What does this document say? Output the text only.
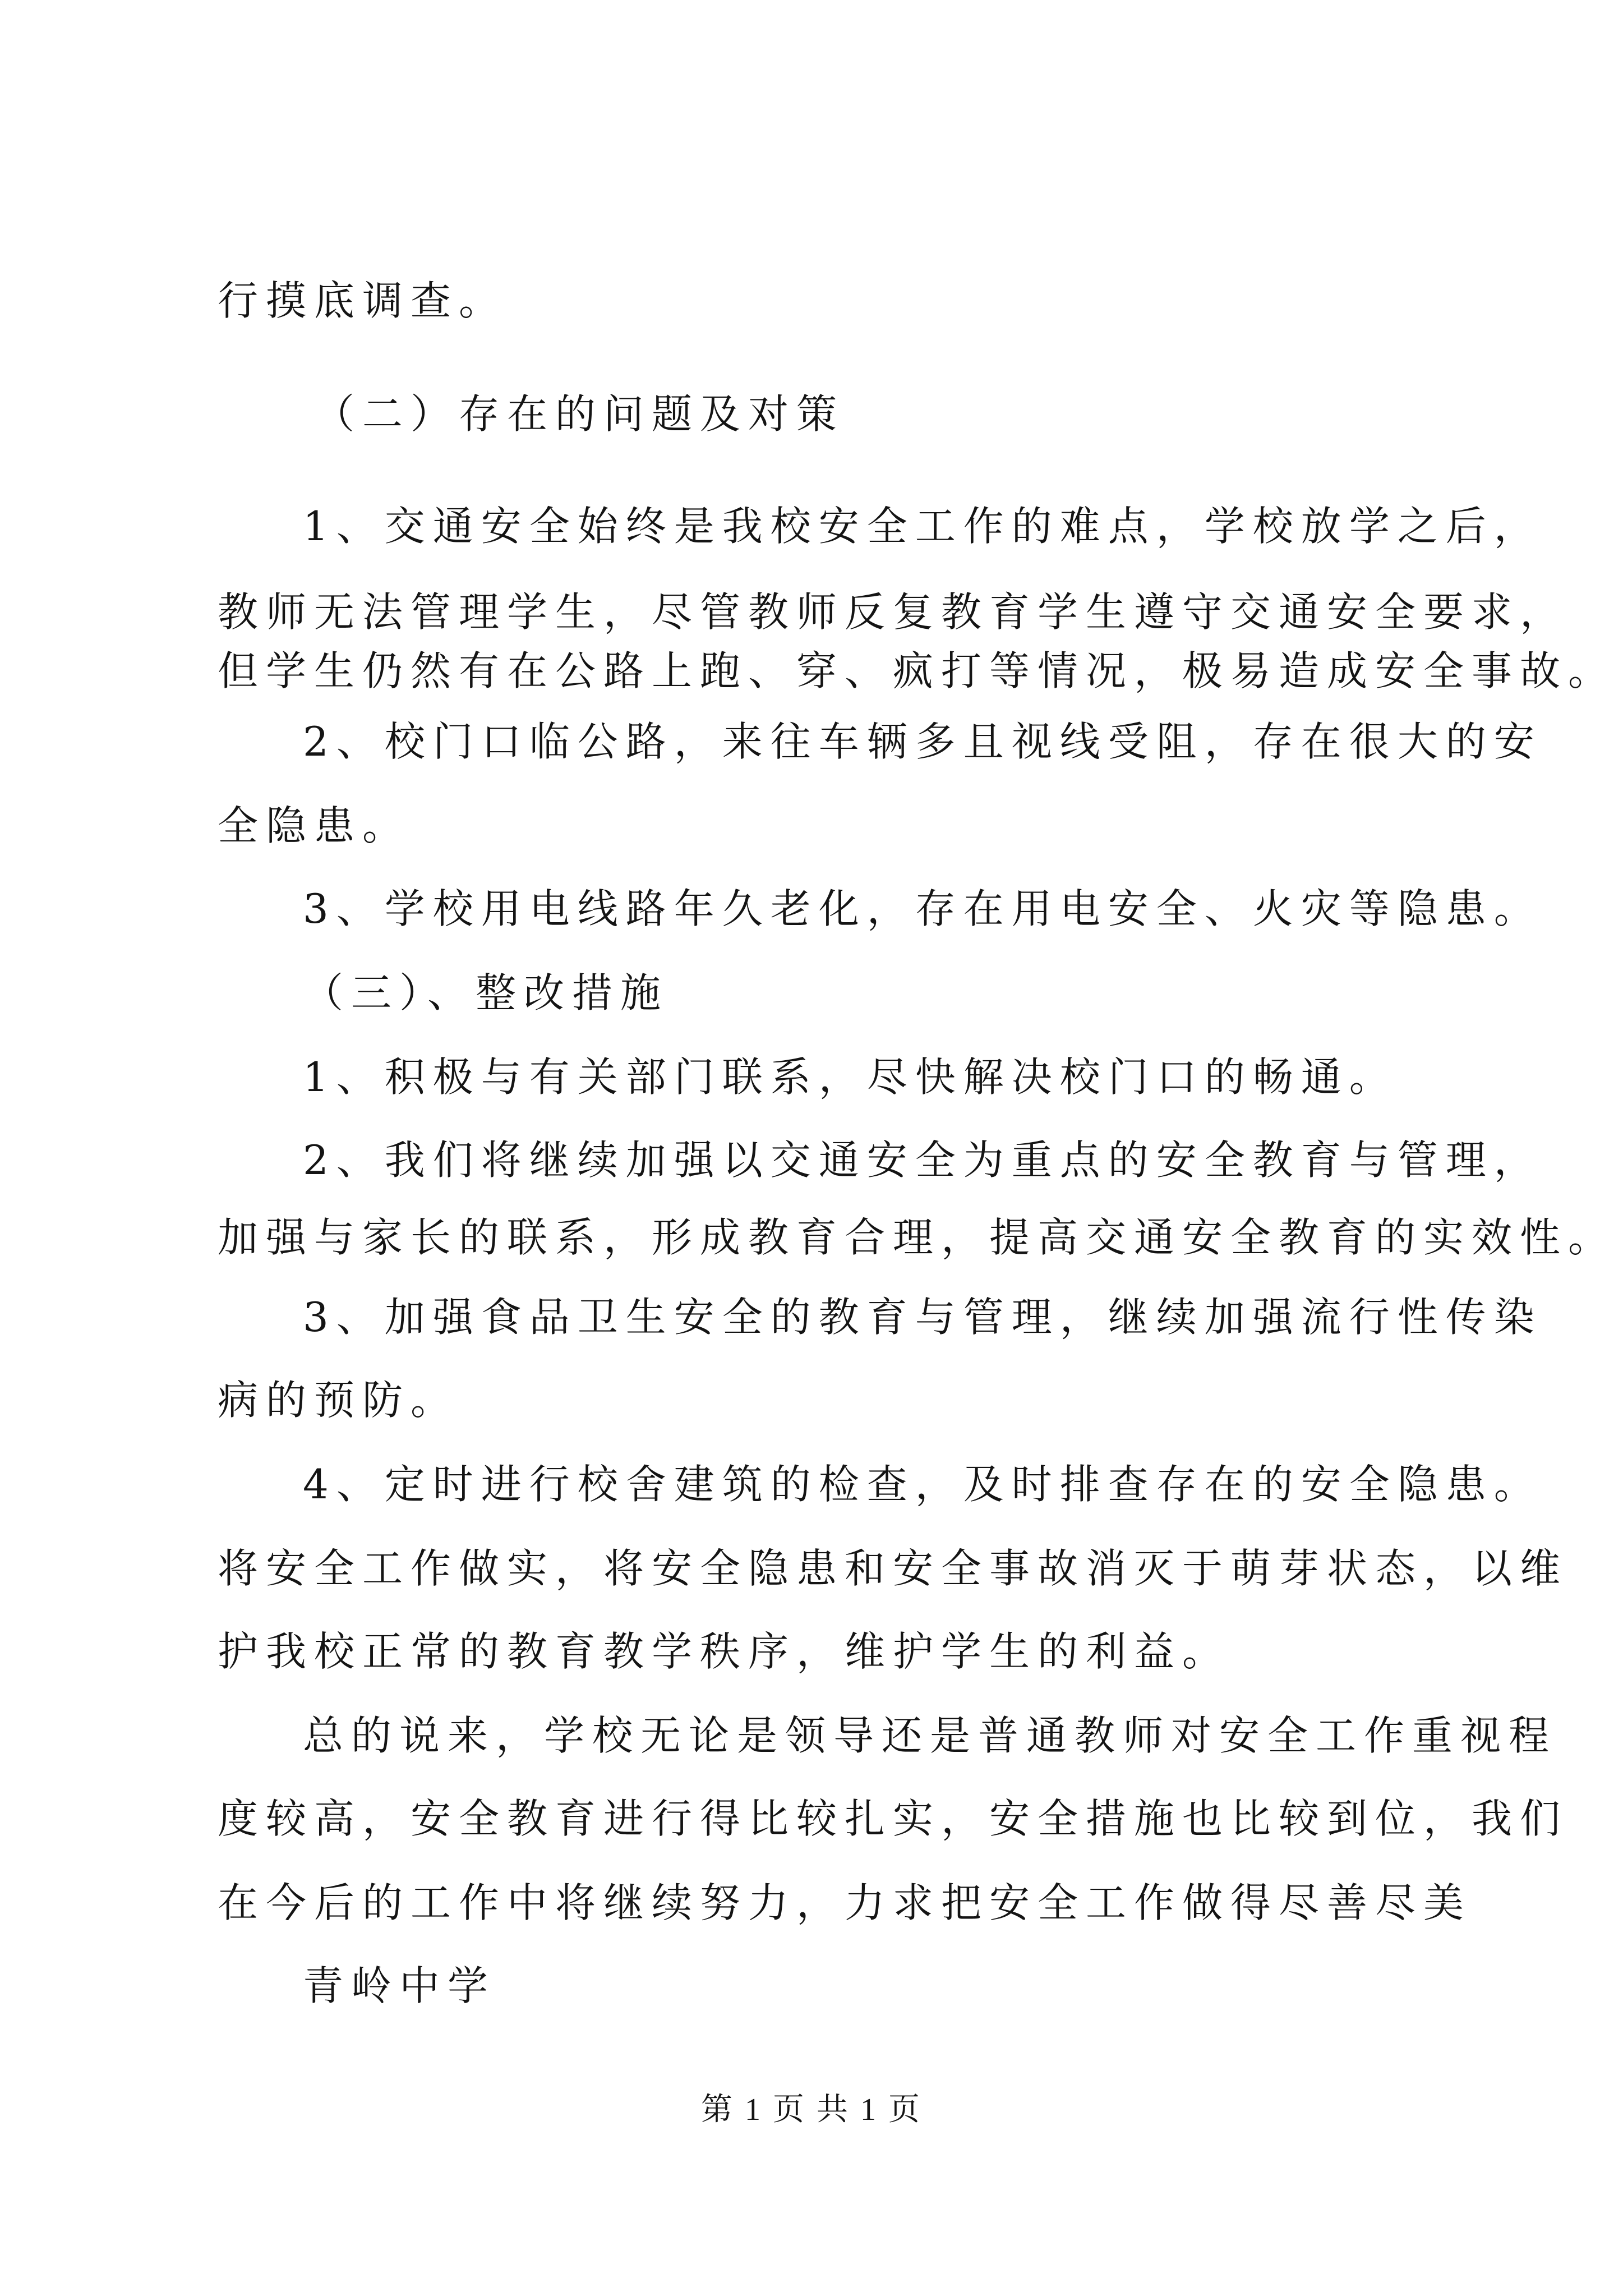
行摸底调查。
（二）存在的问题及对策
1、交通安全始终是我校安全工作的难点，学校放学之后，
教师无法管理学生，尽管教师反复教育学生遵守交通安全要求，
但学生仍然有在公路上跑、穿、疯打等情况，极易造成安全事故。
2、校门口临公路，来往车辆多且视线受阻，存在很大的安
全隐患。
3、学校用电线路年久老化，存在用电安全、火灾等隐患。
（三）、整改措施
1、积极与有关部门联系，尽快解决校门口的畅通。
2、我们将继续加强以交通安全为重点的安全教育与管理，
加强与家长的联系，形成教育合理，提高交通安全教育的实效性。
3、加强食品卫生安全的教育与管理，继续加强流行性传染
病的预防。
4、定时进行校舍建筑的检查，及时排查存在的安全隐患。
将安全工作做实，将安全隐患和安全事故消灭于萌芽状态，以维
护我校正常的教育教学秩序，维护学生的利益。
总的说来，学校无论是领导还是普通教师对安全工作重视程
度较高，安全教育进行得比较扎实，安全措施也比较到位，我们
在今后的工作中将继续努力，力求把安全工作做得尽善尽美
青岭中学
第 1 页 共 1 页
